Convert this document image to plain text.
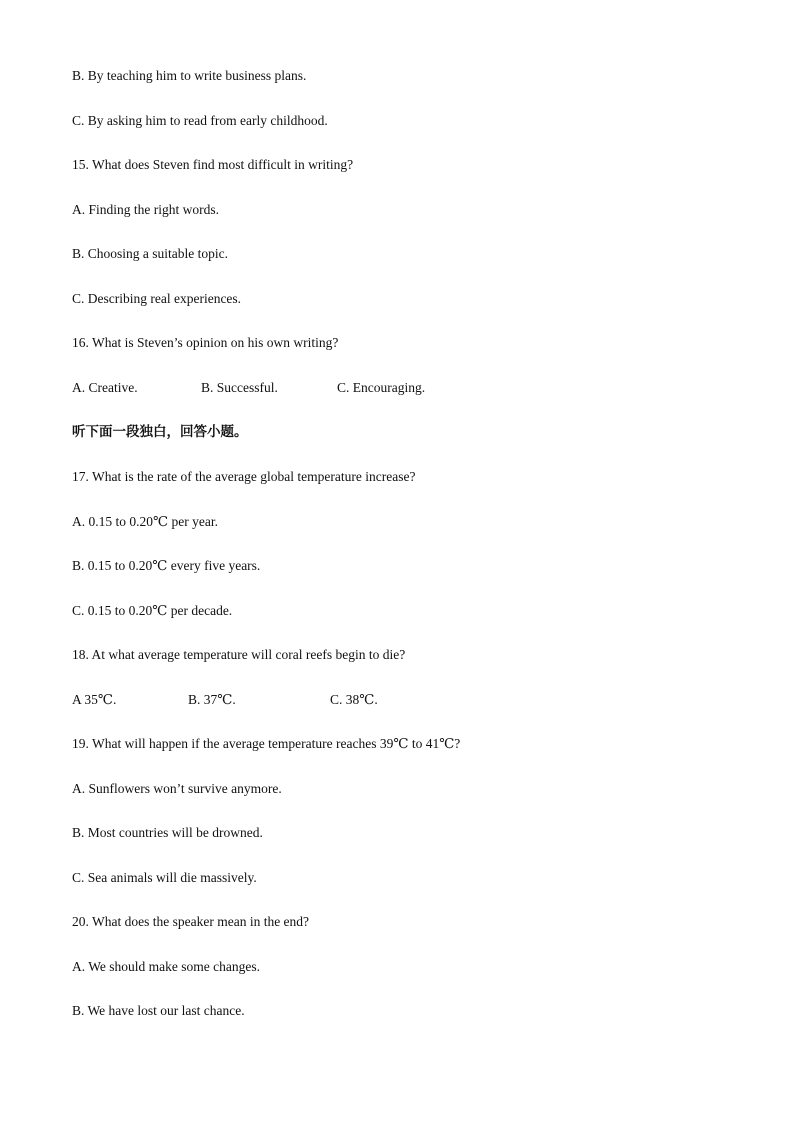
B. By teaching him to write business plans.
C. By asking him to read from early childhood.
15. What does Steven find most difficult in writing?
A. Finding the right words.
B. Choosing a suitable topic.
C. Describing real experiences.
16. What is Steven’s opinion on his own writing?
A. Creative.	B. Successful.	C. Encouraging.
听下面一段独白，回答小题。
17. What is the rate of the average global temperature increase?
A. 0.15 to 0.20℃ per year.
B. 0.15 to 0.20℃ every five years.
C. 0.15 to 0.20℃ per decade.
18. At what average temperature will coral reefs begin to die?
A 35℃.	B. 37℃.	C. 38℃.
19. What will happen if the average temperature reaches 39℃ to 41℃?
A. Sunflowers won’t survive anymore.
B. Most countries will be drowned.
C. Sea animals will die massively.
20. What does the speaker mean in the end?
A. We should make some changes.
B. We have lost our last chance.
